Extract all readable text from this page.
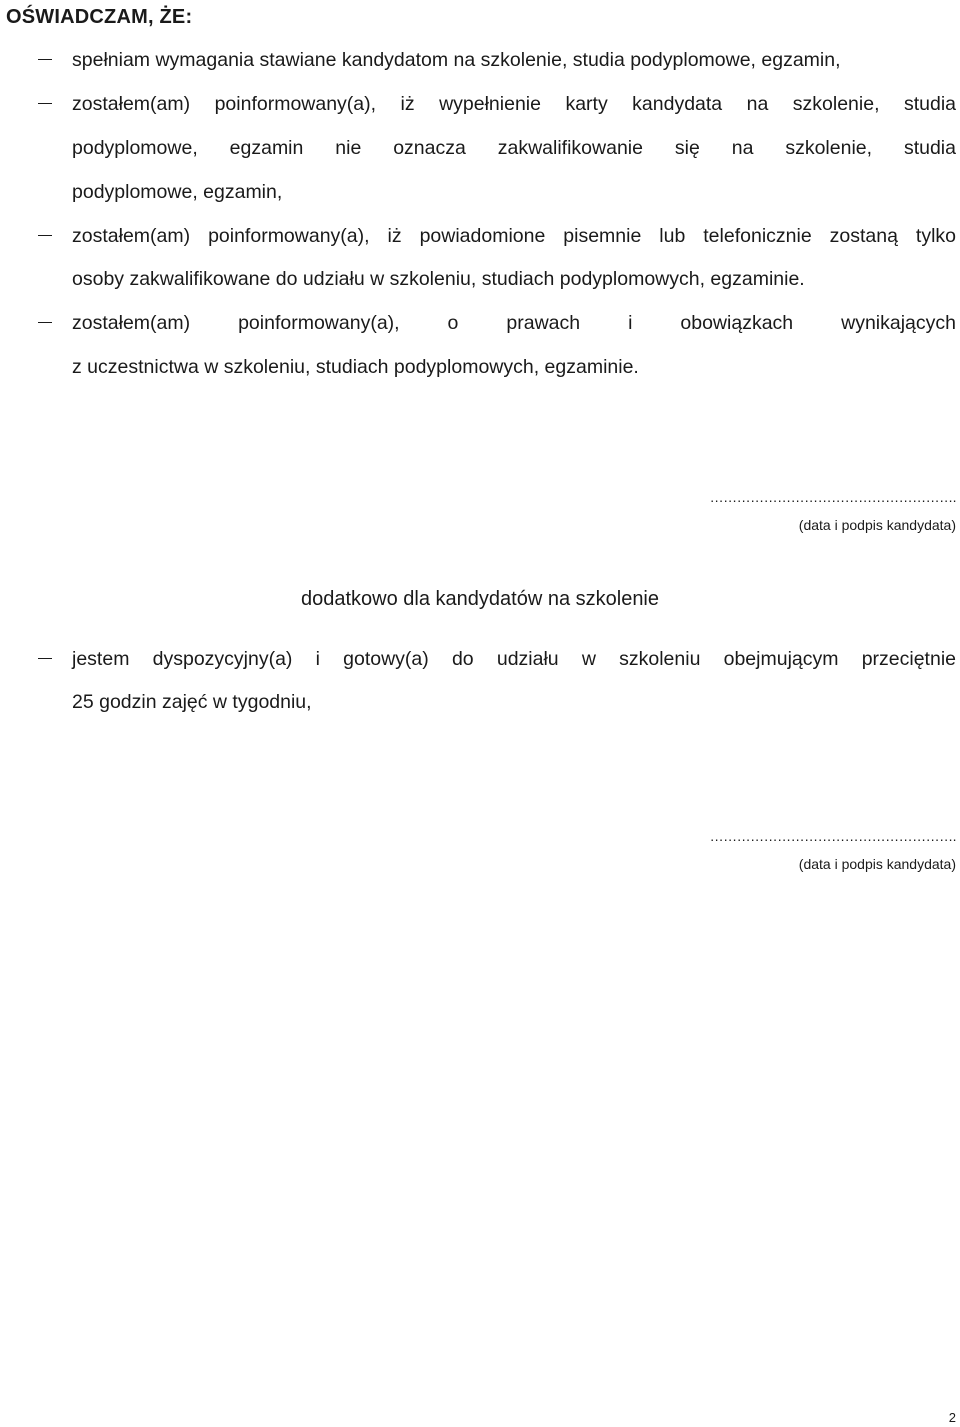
OŚWIADCZAM, ŻE:
spełniam wymagania stawiane kandydatom na szkolenie, studia podyplomowe, egzamin,
zostałem(am) poinformowany(a), iż wypełnienie karty kandydata na szkolenie, studia
podyplomowe, egzamin nie oznacza zakwalifikowanie się na szkolenie, studia
podyplomowe, egzamin,
zostałem(am) poinformowany(a), iż powiadomione pisemnie lub telefonicznie zostaną tylko
osoby zakwalifikowane do udziału w szkoleniu, studiach podyplomowych, egzaminie.
zostałem(am) poinformowany(a), o prawach i obowiązkach wynikających
z uczestnictwa w szkoleniu, studiach podyplomowych, egzaminie.
……………………………………………….
(data i podpis kandydata)
dodatkowo dla kandydatów na szkolenie
jestem dyspozycyjny(a) i gotowy(a) do udziału w szkoleniu obejmującym przeciętnie
25 godzin zajęć w tygodniu,
……………………………………………….
(data i podpis kandydata)
2
